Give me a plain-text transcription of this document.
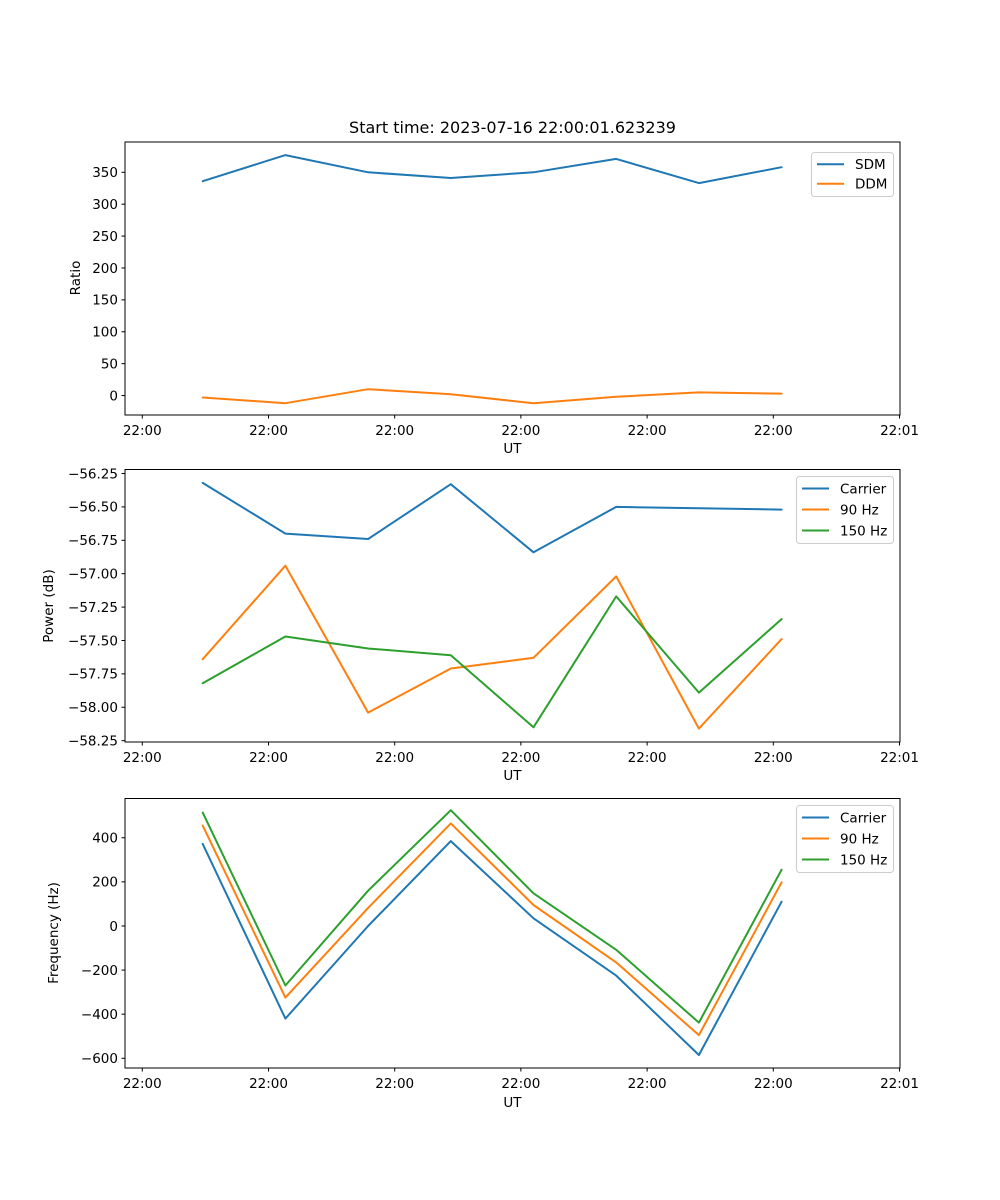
Start time: 2023-07-16 22:00:01.623239
0
50
100
150
200
250
300
350
22:00	22:00	22:00	22:00	22:00	22:00	22:01
SDM
DDM
−56.25
−56.50
−56.75
−57.00
−57.25
−57.50
−57.75
−58.00
−58.25
22:00	22:00	22:00	22:00	22:00	22:00	22:01
Carrier
90 Hz
150 Hz
400
200
0
−200
−400
−600
22:00	22:00	22:00	22:00	22:00	22:00	22:01
Carrier
90 Hz
150 Hz
Ratio
Power (dB)
Frequency (Hz)
UT
UT
UT
